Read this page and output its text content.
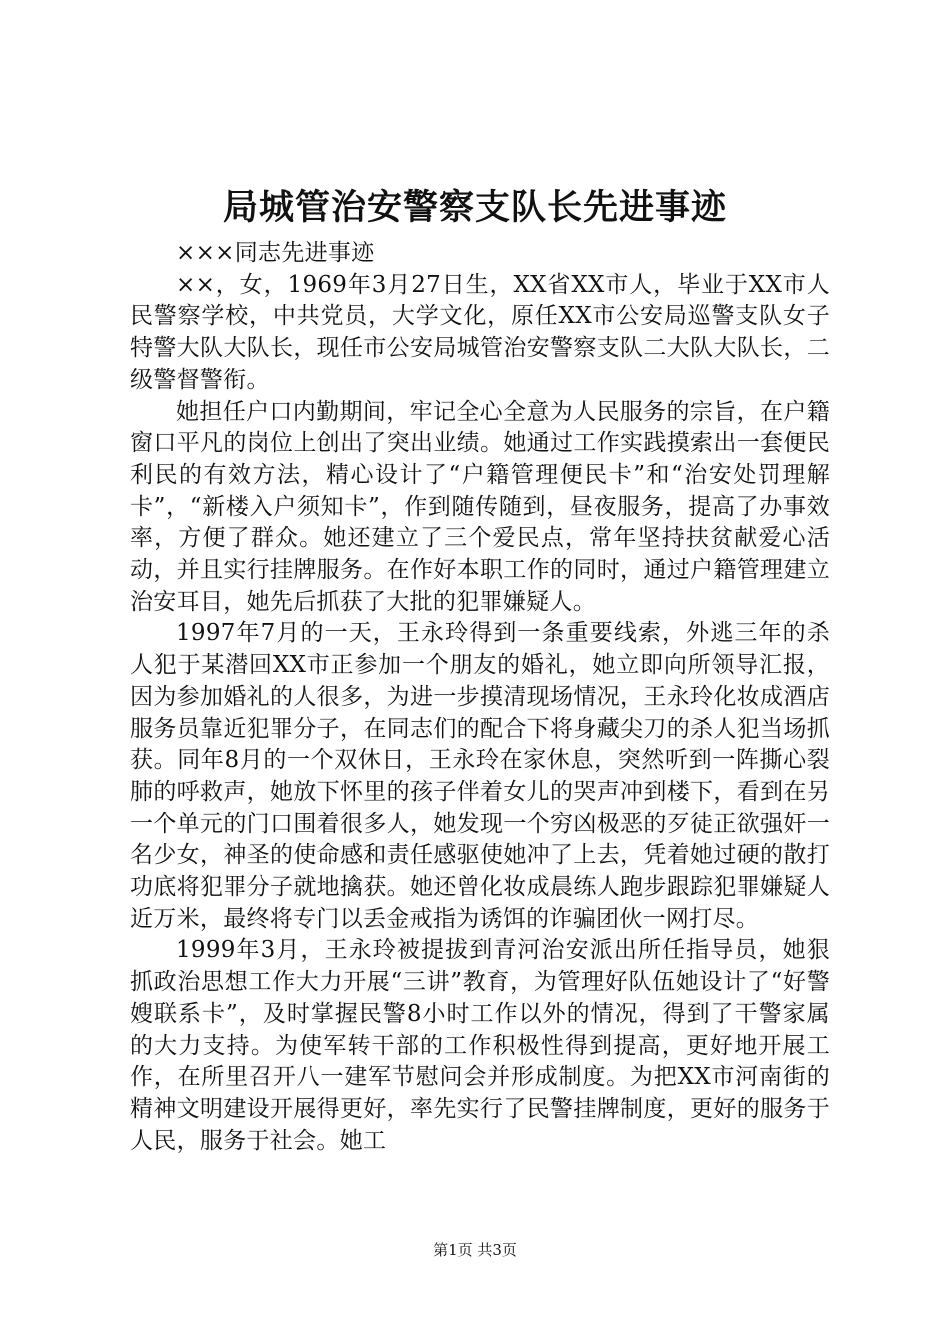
局城管治安警察支队长先进事迹

×××同志先进事迹

××，女，1969年3月27日生，XX省XX市人，毕业于XX市人民警察学校，中共党员，大学文化，原任XX市公安局巡警支队女子特警大队大队长，现任市公安局城管治安警察支队二大队大队长，二级警督警衔。

她担任户口内勤期间，牢记全心全意为人民服务的宗旨，在户籍窗口平凡的岗位上创出了突出业绩。她通过工作实践摸索出一套便民利民的有效方法，精心设计了“户籍管理便民卡”和“治安处罚理解卡”，“新楼入户须知卡”，作到随传随到，昼夜服务，提高了办事效率，方便了群众。她还建立了三个爱民点，常年坚持扶贫献爱心活动，并且实行挂牌服务。在作好本职工作的同时，通过户籍管理建立治安耳目，她先后抓获了大批的犯罪嫌疑人。

1997年7月的一天，王永玲得到一条重要线索，外逃三年的杀人犯于某潜回XX市正参加一个朋友的婚礼，她立即向所领导汇报，因为参加婚礼的人很多，为进一步摸清现场情况，王永玲化妆成酒店服务员靠近犯罪分子，在同志们的配合下将身藏尖刀的杀人犯当场抓获。同年8月的一个双休日，王永玲在家休息，突然听到一阵撕心裂肺的呼救声，她放下怀里的孩子伴着女儿的哭声冲到楼下，看到在另一个单元的门口围着很多人，她发现一个穷凶极恶的歹徒正欲强奸一名少女，神圣的使命感和责任感驱使她冲了上去，凭着她过硬的散打功底将犯罪分子就地擒获。她还曾化妆成晨练人跑步跟踪犯罪嫌疑人近万米，最终将专门以丢金戒指为诱饵的诈骗团伙一网打尽。

1999年3月，王永玲被提拔到青河治安派出所任指导员，她狠抓政治思想工作大力开展“三讲”教育，为管理好队伍她设计了“好警嫂联系卡”，及时掌握民警8小时工作以外的情况，得到了干警家属的大力支持。为使军转干部的工作积极性得到提高，更好地开展工作，在所里召开八一建军节慰问会并形成制度。为把XX市河南街的精神文明建设开展得更好，率先实行了民警挂牌制度，更好的服务于人民，服务于社会。她工

第1页 共3页
